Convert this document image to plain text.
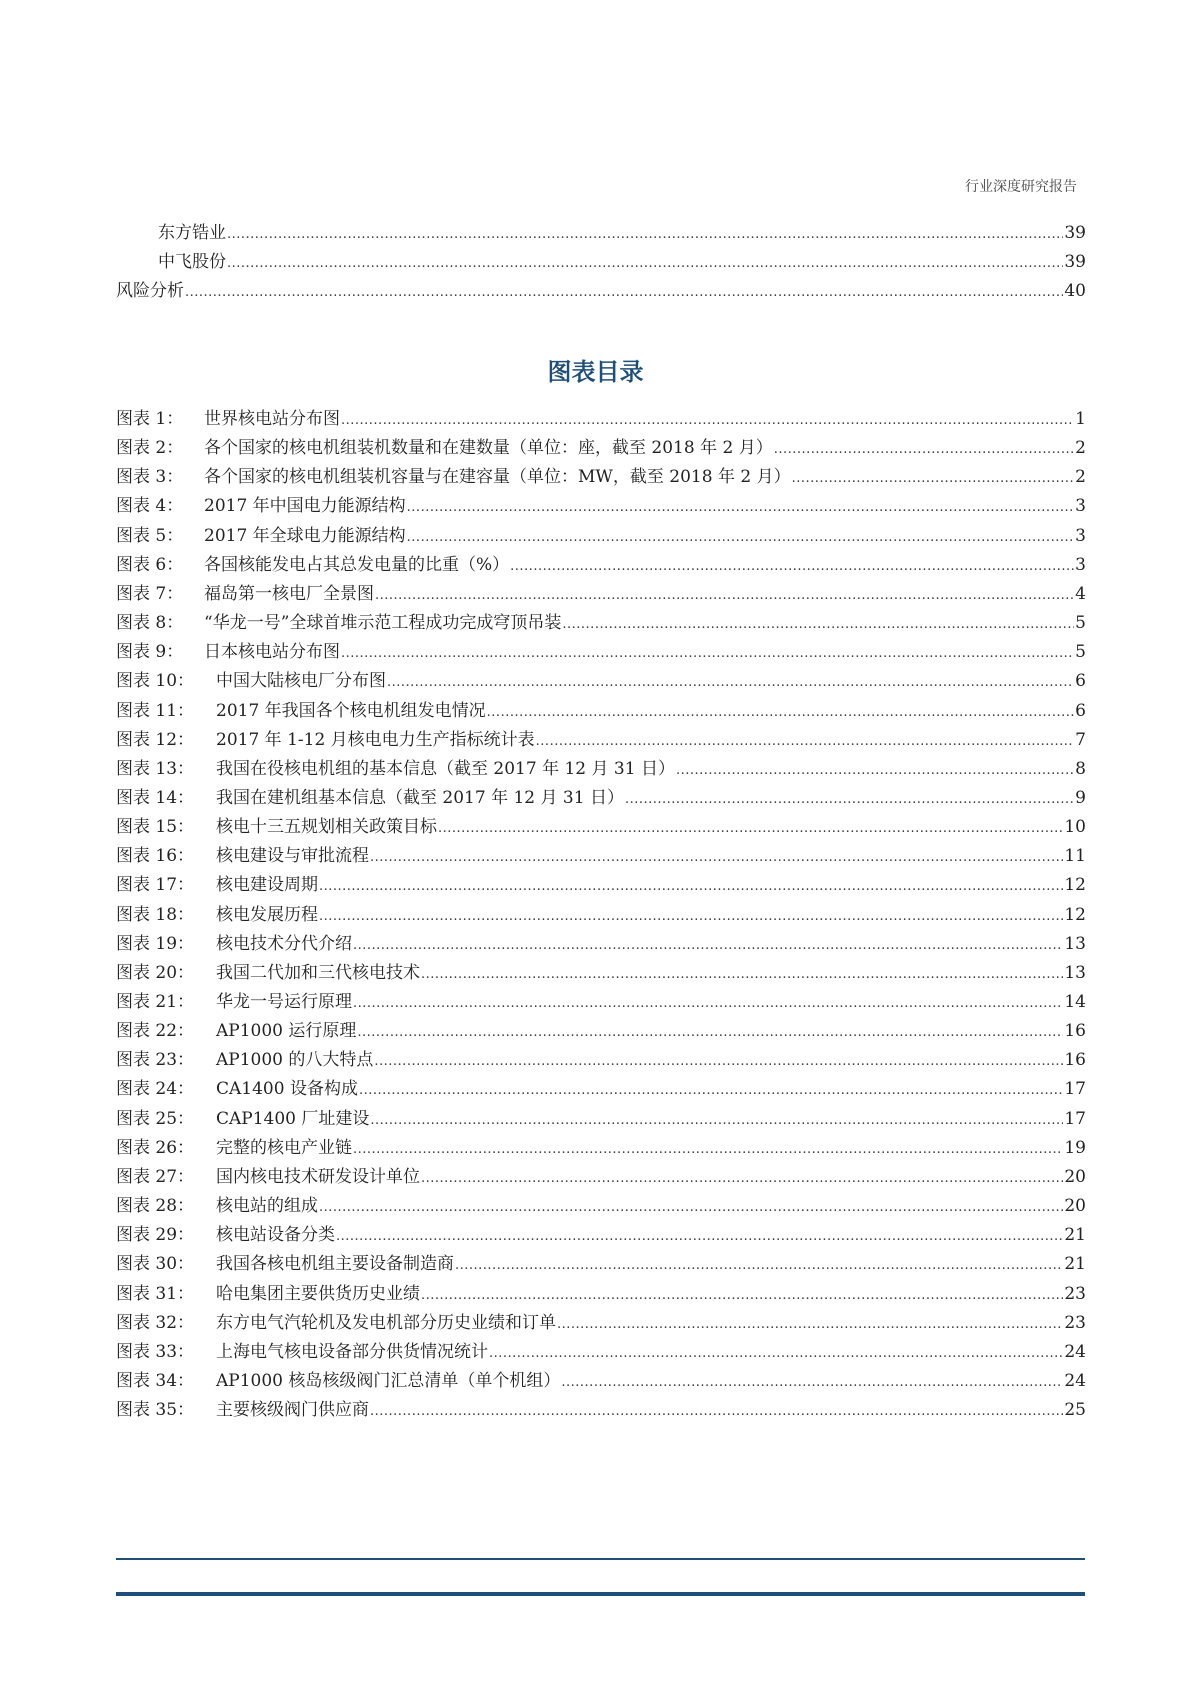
行业深度研究报告
东方锆业 .....	39
中飞股份 .....	39
风险分析 .....	40
图表目录
图表 1：	世界核电站分布图 .....	1
图表 2：	各个国家的核电机组装机数量和在建数量（单位：座，截至 2018 年 2 月） .....	2
图表 3：	各个国家的核电机组装机容量与在建容量（单位：MW，截至 2018 年 2 月） .....	2
图表 4：	2017 年中国电力能源结构 .....	3
图表 5：	2017 年全球电力能源结构 .....	3
图表 6：	各国核能发电占其总发电量的比重（%） .....	3
图表 7：	福岛第一核电厂全景图 .....	4
图表 8：	“华龙一号”全球首堆示范工程成功完成穹顶吊装 .....	5
图表 9：	日本核电站分布图 .....	5
图表 10：	中国大陆核电厂分布图 .....	6
图表 11：	2017 年我国各个核电机组发电情况 .....	6
图表 12：	2017 年 1-12 月核电电力生产指标统计表 .....	7
图表 13：	我国在役核电机组的基本信息（截至 2017 年 12 月 31 日） .....	8
图表 14：	我国在建机组基本信息（截至 2017 年 12 月 31 日） .....	9
图表 15：	核电十三五规划相关政策目标 .....	10
图表 16：	核电建设与审批流程 .....	11
图表 17：	核电建设周期 .....	12
图表 18：	核电发展历程 .....	12
图表 19：	核电技术分代介绍 .....	13
图表 20：	我国二代加和三代核电技术 .....	13
图表 21：	华龙一号运行原理 .....	14
图表 22：	AP1000 运行原理 .....	16
图表 23：	AP1000 的八大特点 .....	16
图表 24：	CA1400 设备构成 .....	17
图表 25：	CAP1400 厂址建设 .....	17
图表 26：	完整的核电产业链 .....	19
图表 27：	国内核电技术研发设计单位 .....	20
图表 28：	核电站的组成 .....	20
图表 29：	核电站设备分类 .....	21
图表 30：	我国各核电机组主要设备制造商 .....	21
图表 31：	哈电集团主要供货历史业绩 .....	23
图表 32：	东方电气汽轮机及发电机部分历史业绩和订单 .....	23
图表 33：	上海电气核电设备部分供货情况统计 .....	24
图表 34：	AP1000 核岛核级阀门汇总清单（单个机组） .....	24
图表 35：	主要核级阀门供应商 .....	25
